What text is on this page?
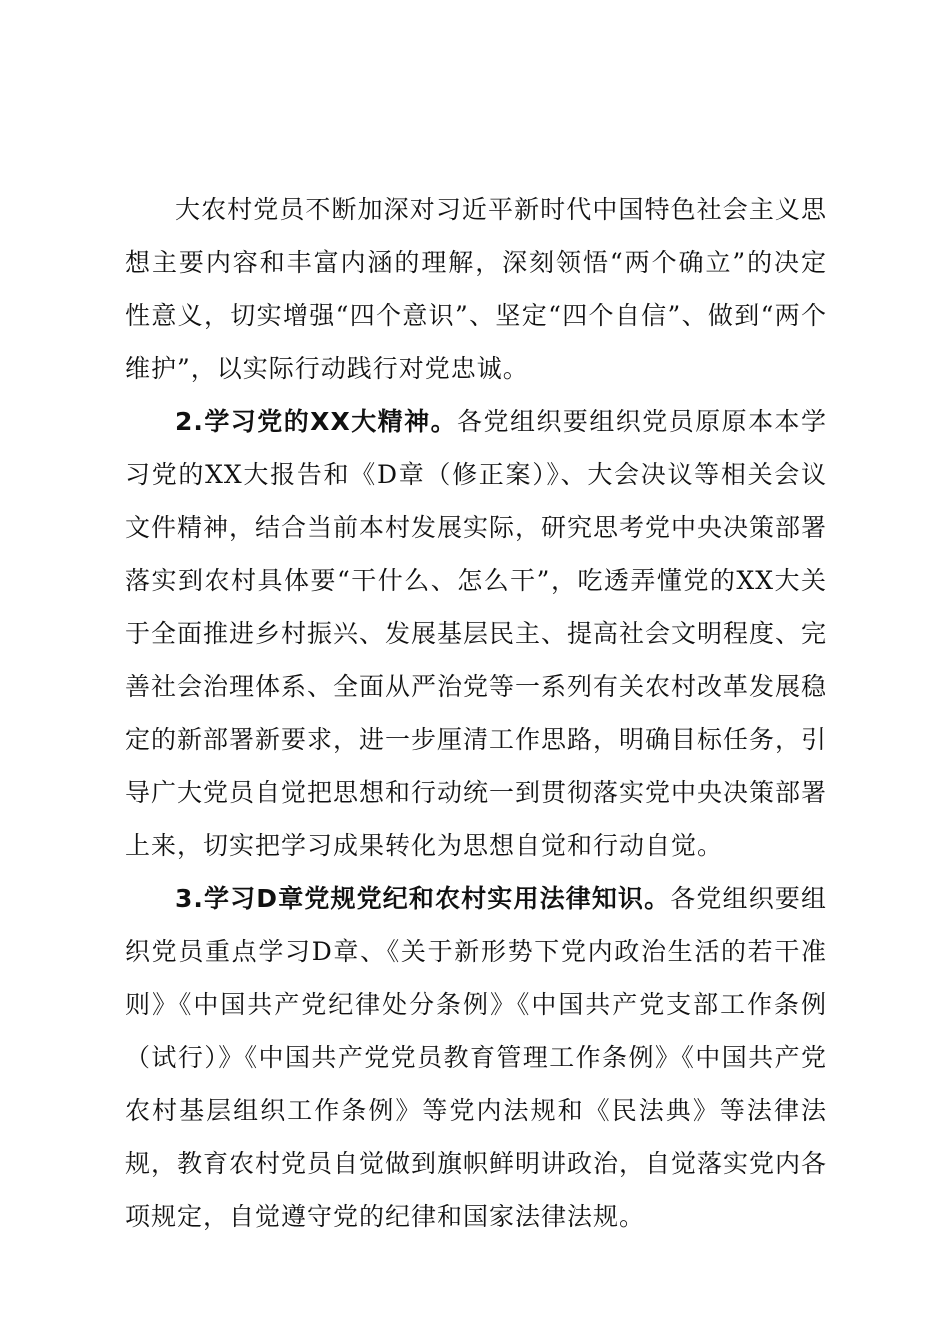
大农村党员不断加深对习近平新时代中国特色社会主义思想主要内容和丰富内涵的理解，深刻领悟“两个确立”的决定性意义，切实增强“四个意识”、坚定“四个自信”、做到“两个维护”，以实际行动践行对党忠诚。

2.学习党的XX大精神。各党组织要组织党员原原本本学习党的XX大报告和《D章（修正案）》、大会决议等相关会议文件精神，结合当前本村发展实际，研究思考党中央决策部署落实到农村具体要“干什么、怎么干”，吃透弄懂党的XX大关于全面推进乡村振兴、发展基层民主、提高社会文明程度、完善社会治理体系、全面从严治党等一系列有关农村改革发展稳定的新部署新要求，进一步厘清工作思路，明确目标任务，引导广大党员自觉把思想和行动统一到贯彻落实党中央决策部署上来，切实把学习成果转化为思想自觉和行动自觉。

3.学习D章党规党纪和农村实用法律知识。各党组织要组织党员重点学习D章、《关于新形势下党内政治生活的若干准则》《中国共产党纪律处分条例》《中国共产党支部工作条例（试行）》《中国共产党党员教育管理工作条例》《中国共产党农村基层组织工作条例》等党内法规和《民法典》等法律法规，教育农村党员自觉做到旗帜鲜明讲政治，自觉落实党内各项规定，自觉遵守党的纪律和国家法律法规。
